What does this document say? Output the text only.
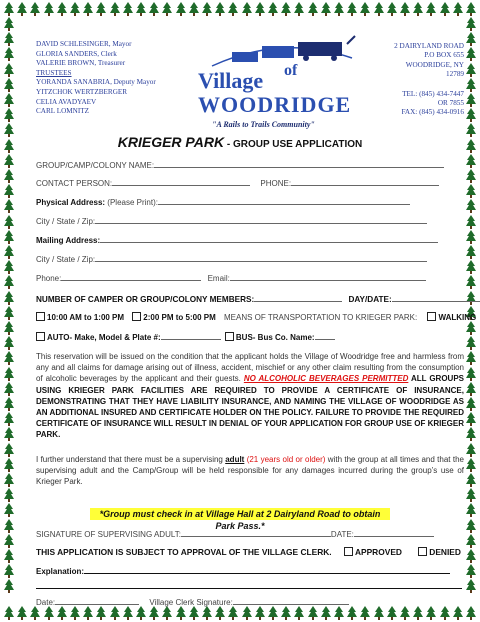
DAVID SCHLESINGER, Mayor
GLORIA SANDERS, Clerk
VALERIE BROWN, Treasurer
TRUSTEES
YORANDA SANABRIA, Deputy Mayor
YITZCHOK WERTZBERGER
CELIA AVADYAEV
CARL LOMNITZ
Village of
WOODRIDGE
"A Rails to Trails Community"
2 DAIRYLAND ROAD
P.O BOX 655
WOODRIDGE, NY
12789
TEL: (845) 434-7447
OR 7855
FAX: (845) 434-0916
KRIEGER PARK - GROUP USE APPLICATION
GROUP/CAMP/COLONY NAME:
CONTACT PERSON:	PHONE:
Physical Address: (Please Print):
City / State / Zip:
Mailing Address:
City / State / Zip:
Phone:	Email:
NUMBER OF CAMPER OR GROUP/COLONY MEMBERS:	DAY/DATE:
10:00 AM to 1:00 PM 2:00 PM to 5:00 PM MEANS OF TRANSPORTATION TO KRIEGER PARK:	WALKING
AUTO- Make, Model & Plate #:	BUS- Bus Co. Name:
This reservation will be issued on the condition that the applicant holds the Village of Woodridge free and harmless from any and all claims for damage arising out of illness, accident, mischief or any other claim resulting from the consumption of alcoholic beverages by the applicant and their guests. NO ALCOHOLIC BEVERAGES PERMITTED ALL GROUPS USING KRIEGER PARK FACILITIES ARE REQUIRED TO PROVIDE A CERTIFICATE OF INSURANCE, DEMONSTRATING THAT THEY HAVE LIABILITY INSURANCE, AND NAMING THE VILLAGE OF WOODRIDGE AS AN ADDITIONAL INSURED AND CERTIFICATE HOLDER ON THE POLICY. FAILURE TO PROVIDE THE REQUIRED CERTIFICATE OF INSURANCE WILL RESULT IN DENIAL OF YOUR APPLICATION FOR GROUP USE OF KRIEGER PARK.
I further understand that there must be a supervising adult (21 years old or older) with the group at all times and that the supervising adult and the Camp/Group will be held responsible for any damages incurred during the group’s use of Krieger Park.
*Group must check in at Village Hall at 2 Dairyland Road to obtain Park Pass.*
SIGNATURE OF SUPERVISING ADULT:	DATE:
THIS APPLICATION IS SUBJECT TO APPROVAL OF THE VILLAGE CLERK.	APPROVED	DENIED
Explanation:
Date:	Village Clerk Signature:
